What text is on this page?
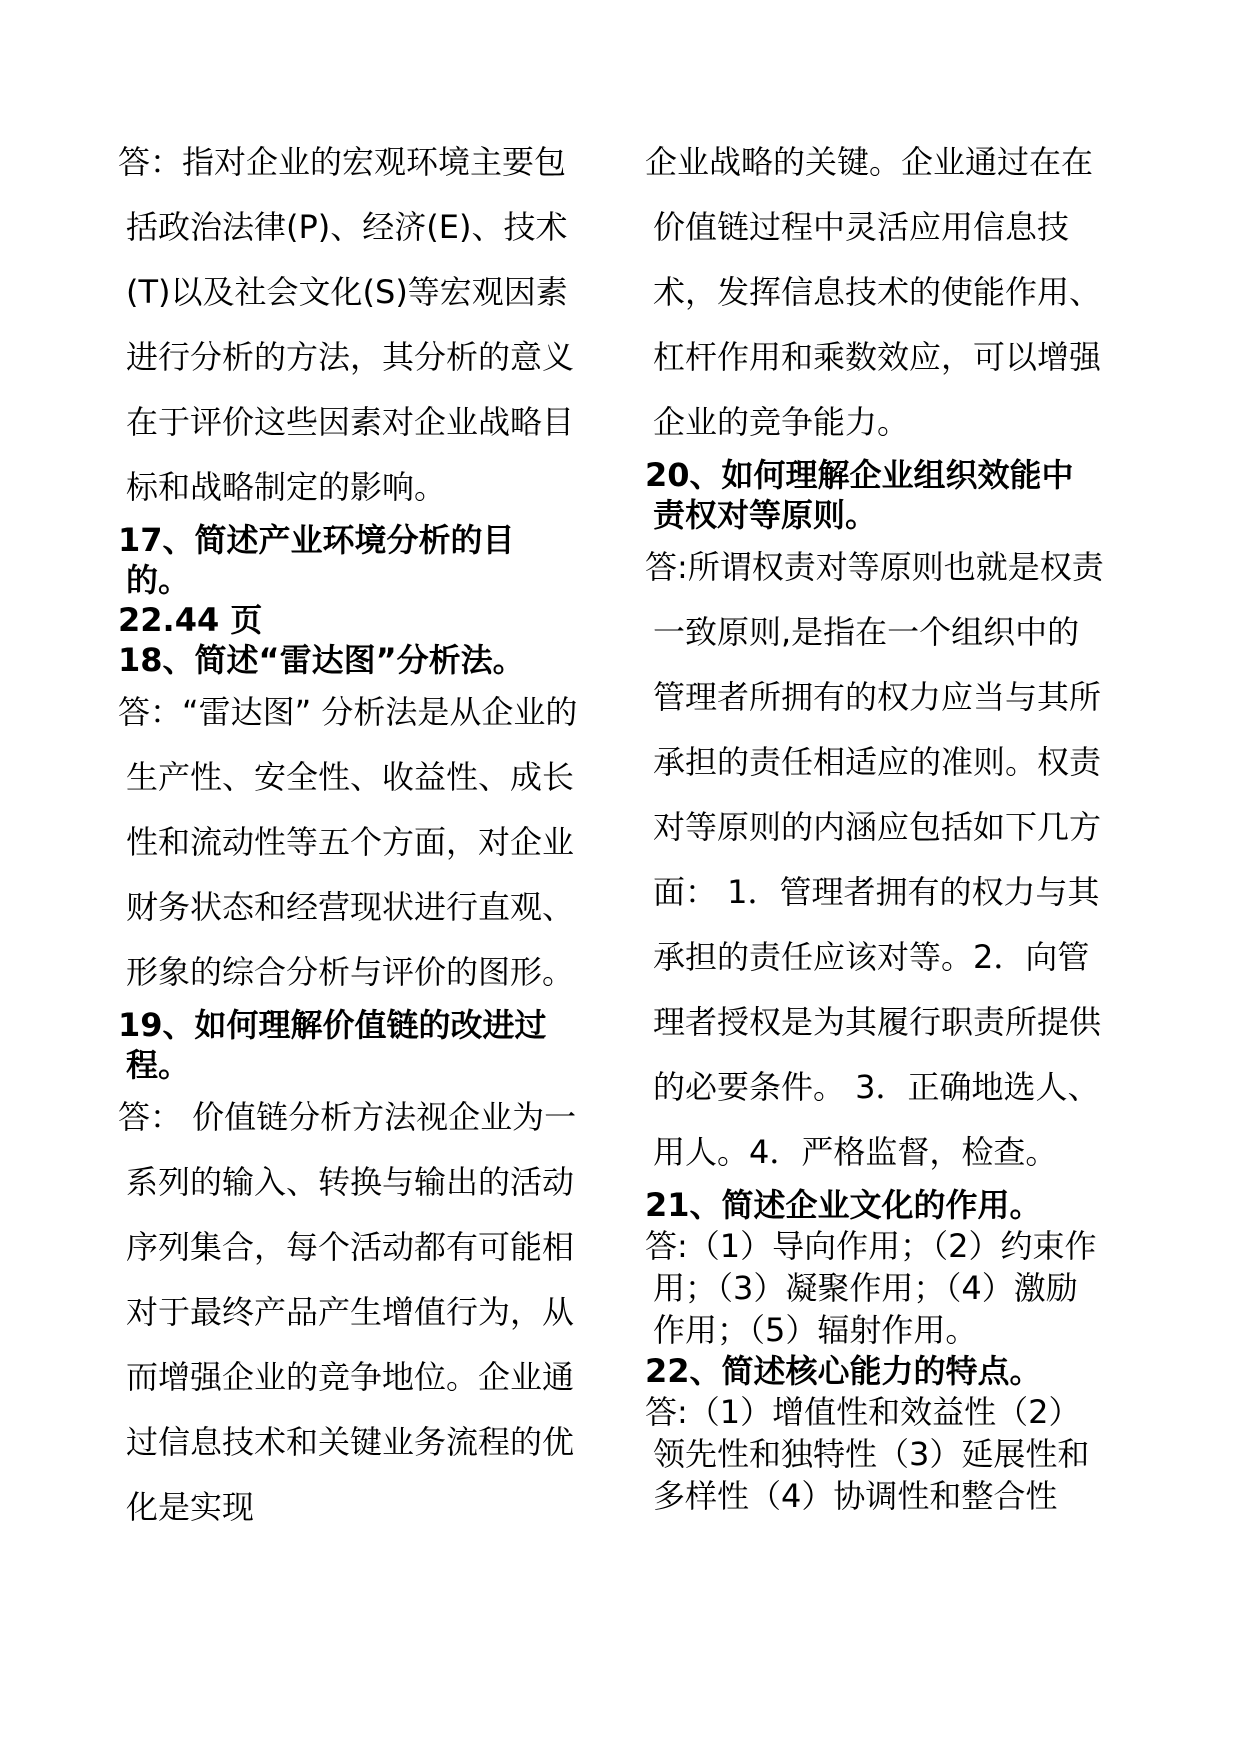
答：指对企业的宏观环境主要包括政治法律(P)、经济(E)、技术(T)以及社会文化(S)等宏观因素进行分析的方法，其分析的意义在于评价这些因素对企业战略目标和战略制定的影响。

17、简述产业环境分析的目的。
22.44 页

18、简述“雷达图”分析法。

答：“雷达图” 分析法是从企业的生产性、安全性、收益性、成长性和流动性等五个方面，对企业财务状态和经营现状进行直观、形象的综合分析与评价的图形。

19、如何理解价值链的改进过程。

答： 价值链分析方法视企业为一系列的输入、转换与输出的活动序列集合，每个活动都有可能相对于最终产品产生增值行为，从而增强企业的竞争地位。企业通过信息技术和关键业务流程的优化是实现

企业战略的关键。企业通过在在价值链过程中灵活应用信息技术，发挥信息技术的使能作用、杠杆作用和乘数效应，可以增强企业的竞争能力。

20、如何理解企业组织效能中责权对等原则。

答:所谓权责对等原则也就是权责一致原则,是指在一个组织中的管理者所拥有的权力应当与其所承担的责任相适应的准则。权责对等原则的内涵应包括如下几方面： 1．管理者拥有的权力与其承担的责任应该对等。2．向管理者授权是为其履行职责所提供的必要条件。 3．正确地选人、用人。4．严格监督，检查。

21、简述企业文化的作用。

答:（1）导向作用；（2）约束作用；（3）凝聚作用；（4）激励作用；（5）辐射作用。

22、简述核心能力的特点。

答:（1）增值性和效益性（2）领先性和独特性（3）延展性和多样性（4）协调性和整合性
